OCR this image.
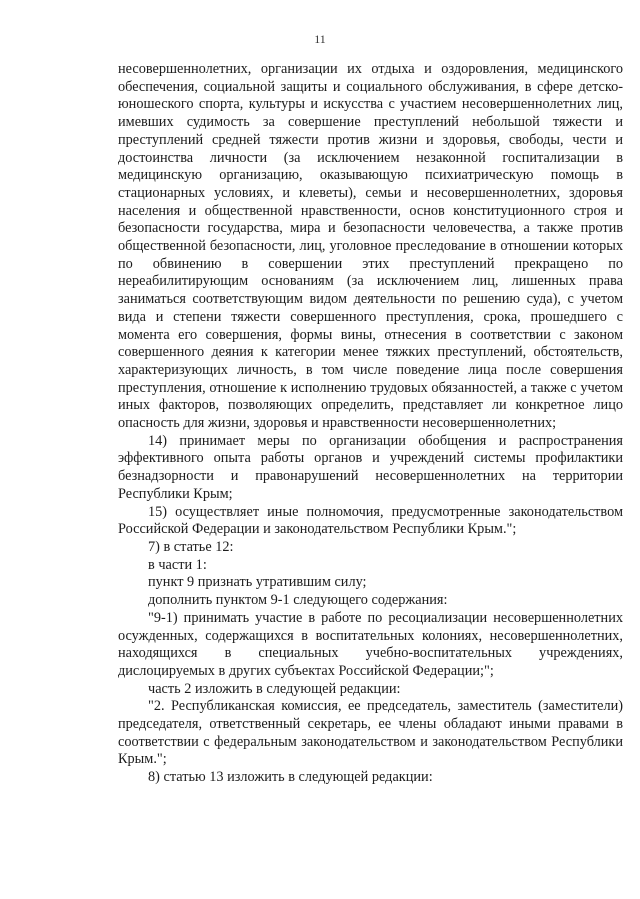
11

несовершеннолетних, организации их отдыха и оздоровления, медицинского обеспечения, социальной защиты и социального обслуживания, в сфере детско-юношеского спорта, культуры и искусства с участием несовершеннолетних лиц, имевших судимость за совершение преступлений небольшой тяжести и преступлений средней тяжести против жизни и здоровья, свободы, чести и достоинства личности (за исключением незаконной госпитализации в медицинскую организацию, оказывающую психиатрическую помощь в стационарных условиях, и клеветы), семьи и несовершеннолетних, здоровья населения и общественной нравственности, основ конституционного строя и безопасности государства, мира и безопасности человечества, а также против общественной безопасности, лиц, уголовное преследование в отношении которых по обвинению в совершении этих преступлений прекращено по нереабилитирующим основаниям (за исключением лиц, лишенных права заниматься соответствующим видом деятельности по решению суда), с учетом вида и степени тяжести совершенного преступления, срока, прошедшего с момента его совершения, формы вины, отнесения в соответствии с законом совершенного деяния к категории менее тяжких преступлений, обстоятельств, характеризующих личность, в том числе поведение лица после совершения преступления, отношение к исполнению трудовых обязанностей, а также с учетом иных факторов, позволяющих определить, представляет ли конкретное лицо опасность для жизни, здоровья и нравственности несовершеннолетних;

14) принимает меры по организации обобщения и распространения эффективного опыта работы органов и учреждений системы профилактики безнадзорности и правонарушений несовершеннолетних на территории Республики Крым;

15) осуществляет иные полномочия, предусмотренные законодательством Российской Федерации и законодательством Республики Крым.";

7) в статье 12:

в части 1:

пункт 9 признать утратившим силу;

дополнить пунктом 9-1 следующего содержания:

"9-1) принимать участие в работе по ресоциализации несовершеннолетних осужденных, содержащихся в воспитательных колониях, несовершеннолетних, находящихся в специальных учебно-воспитательных учреждениях, дислоцируемых в других субъектах Российской Федерации;";

часть 2 изложить в следующей редакции:

"2. Республиканская комиссия, ее председатель, заместитель (заместители) председателя, ответственный секретарь, ее члены обладают иными правами в соответствии с федеральным законодательством и законодательством Республики Крым.";

8) статью 13 изложить в следующей редакции:
